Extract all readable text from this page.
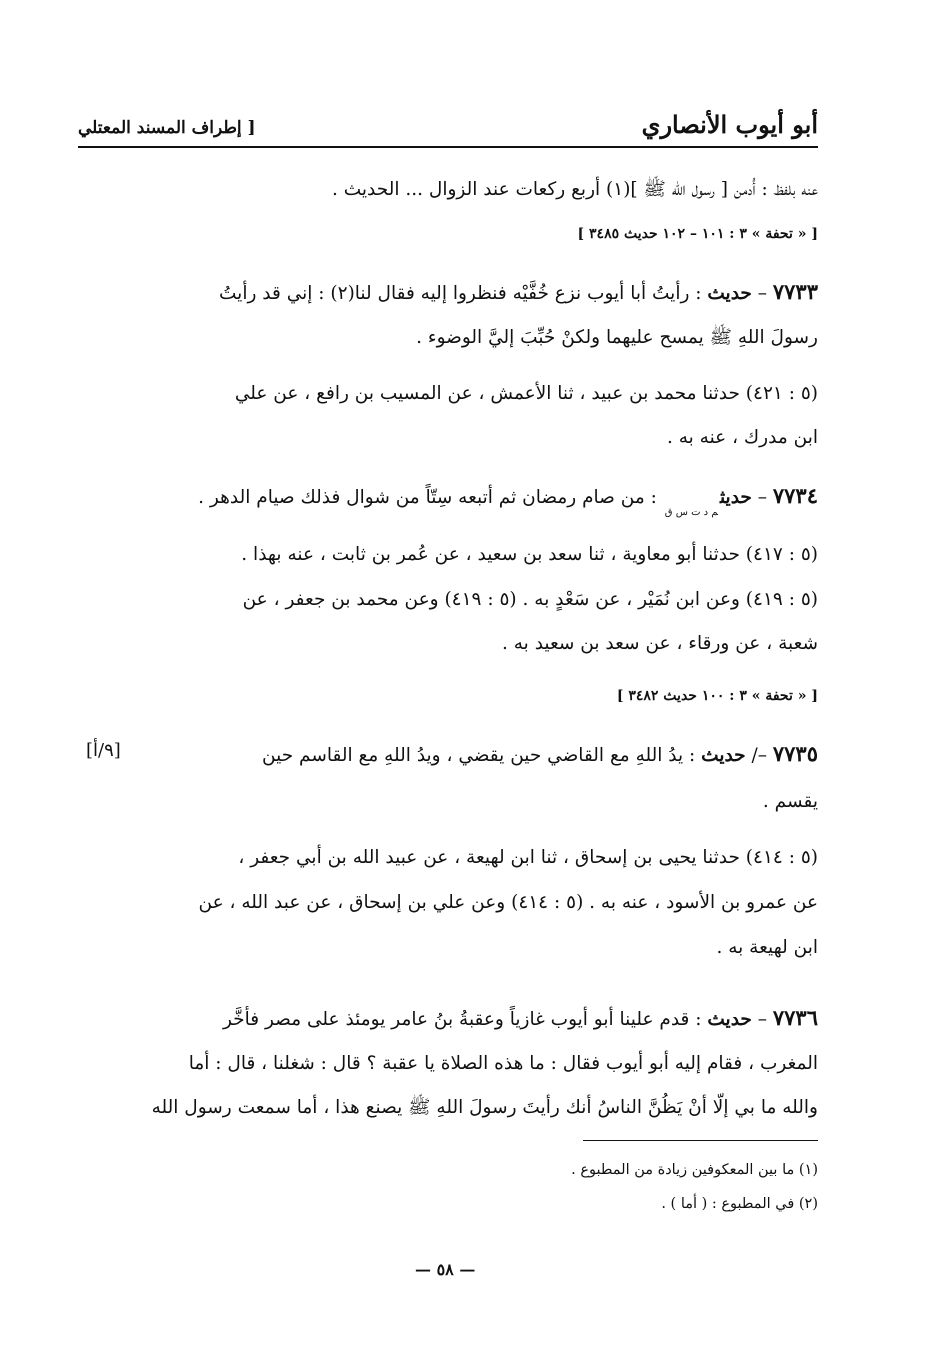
أبو أيوب الأنصاري
[ إطراف المسند المعتلي
عنه بلفظ : أُدمن [ رسول الله ﷺ ](١) أربع ركعات عند الزوال ... الحديث .
[ « تحفة » ٣ : ١٠١ – ١٠٢ حديث ٣٤٨٥ ]
٧٧٣٣ – حديث : رأيتُ أبا أيوب نزع خُفَّيْه فنظروا إليه فقال لنا(٢) : إني قد رأيتُ
رسولَ اللهِ ﷺ يمسح عليهما ولكنْ حُبِّبَ إليَّ الوضوء .
(٥ : ٤٢١) حدثنا محمد بن عبيد ، ثنا الأعمش ، عن المسيب بن رافع ، عن علي
ابن مدرك ، عنه به .
٧٧٣٤ – حديث$_{م د ت س ق}$ : من صام رمضان ثم أتبعه سِتّاً من شوال فذلك صيام الدهر .
(٥ : ٤١٧) حدثنا أبو معاوية ، ثنا سعد بن سعيد ، عن عُمر بن ثابت ، عنه بهذا .
(٥ : ٤١٩) وعن ابن نُمَيْر ، عن سَعْدٍ به . (٥ : ٤١٩) وعن محمد بن جعفر ، عن
شعبة ، عن ورقاء ، عن سعد بن سعيد به .
[ « تحفة » ٣ : ١٠٠ حديث ٣٤٨٢ ]
[٩/أ]	٧٧٣٥ –/ حديث : يدُ اللهِ مع القاضي حين يقضي ، ويدُ اللهِ مع القاسم حين
يقسم .
(٥ : ٤١٤) حدثنا يحيى بن إسحاق ، ثنا ابن لهيعة ، عن عبيد الله بن أبي جعفر ،
عن عمرو بن الأسود ، عنه به . (٥ : ٤١٤) وعن علي بن إسحاق ، عن عبد الله ، عن
ابن لهيعة به .
٧٧٣٦ – حديث : قدم علينا أبو أيوب غازياً وعقبةُ بنُ عامر يومئذ على مصر فأخَّر
المغرب ، فقام إليه أبو أيوب فقال : ما هذه الصلاة يا عقبة ؟ قال : شغلنا ، قال : أما
والله ما بي إلّا أنْ يَظُنَّ الناسُ أنك رأيتَ رسولَ اللهِ ﷺ يصنع هذا ، أما سمعت رسول الله
(١) ما بين المعكوفين زيادة من المطبوع .
(٢) في المطبوع : ( أما ) .
— ٥٨ —
